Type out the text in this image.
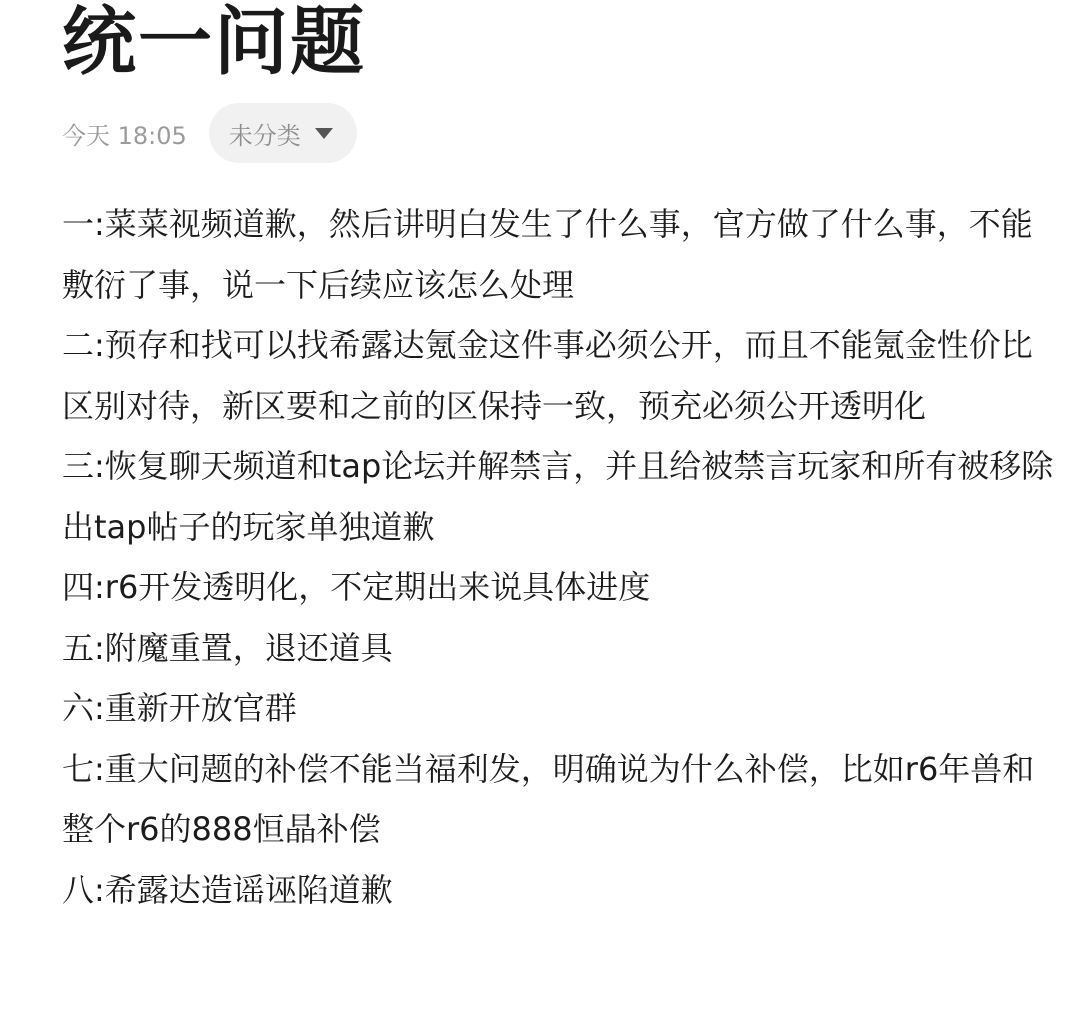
统一问题
今天 18:05 未分类

一:菜菜视频道歉，然后讲明白发生了什么事，官方做了什么事，不能敷衍了事，说一下后续应该怎么处理

二:预存和找可以找希露达氪金这件事必须公开，而且不能氪金性价比区别对待，新区要和之前的区保持一致，预充必须公开透明化

三:恢复聊天频道和tap论坛并解禁言，并且给被禁言玩家和所有被移除出tap帖子的玩家单独道歉

四:r6开发透明化，不定期出来说具体进度

五:附魔重置，退还道具

六:重新开放官群

七:重大问题的补偿不能当福利发，明确说为什么补偿，比如r6年兽和整个r6的888恒晶补偿

八:希露达造谣诬陷道歉
